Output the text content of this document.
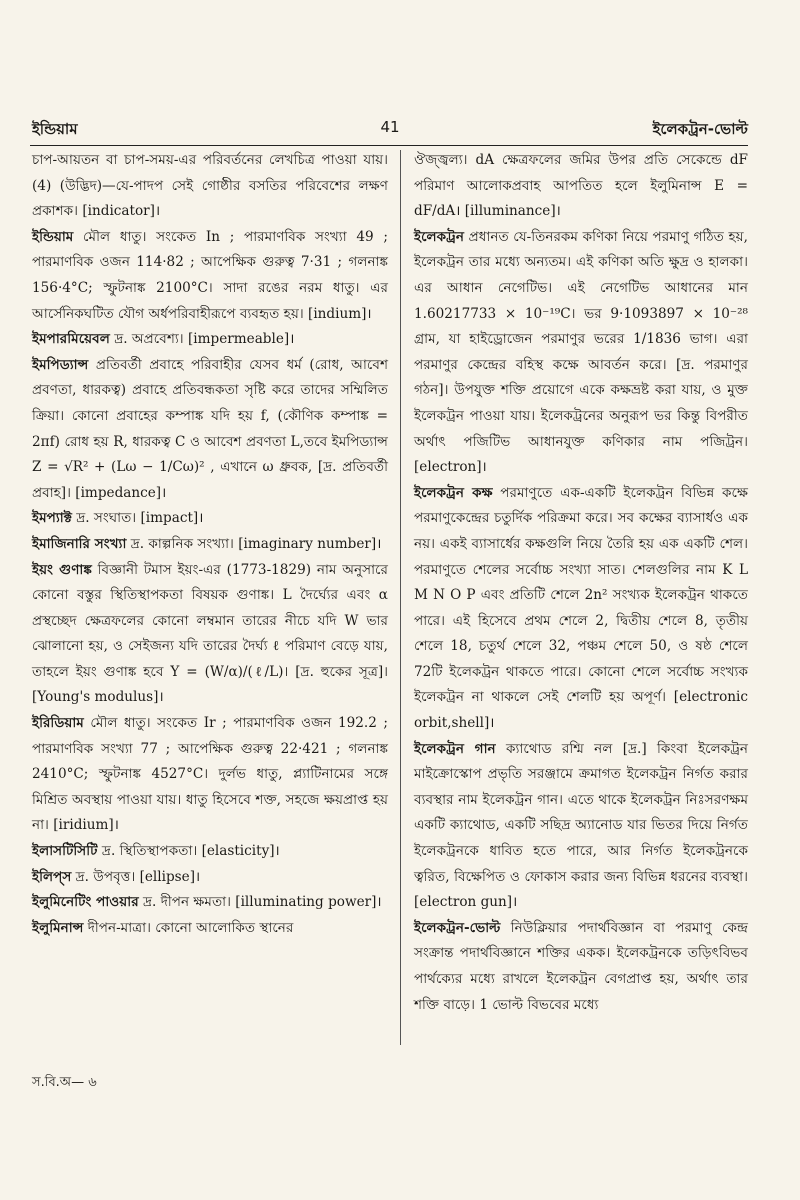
ইন্ডিয়াম	41	ইলেকট্রন-ভোল্ট

চাপ-আয়তন বা চাপ-সময়-এর পরিবর্তনের লেখচিত্র পাওয়া যায়। (4) (উদ্ভিদ)—যে-পাদপ সেই গোষ্ঠীর বসতির পরিবেশের লক্ষণ প্রকাশক। [indicator]।

ইন্ডিয়াম মৌল ধাতু। সংকেত In ; পারমাণবিক সংখ্যা 49 ; পারমাণবিক ওজন 114·82 ; আপেক্ষিক গুরুত্ব 7·31 ; গলনাঙ্ক 156·4°C; স্ফুটনাঙ্ক 2100°C। সাদা রঙের নরম ধাতু। এর আর্সেনিকঘটিত যৌগ অর্ধপরিবাহীরূপে ব্যবহৃত হয়। [indium]।

ইমপারমিয়েবল দ্র. অপ্রবেশ্য। [impermeable]।

ইমপিড্যান্স প্রতিবর্তী প্রবাহে পরিবাহীর যেসব ধর্ম (রোধ, আবেশ প্রবণতা, ধারকত্ব) প্রবাহে প্রতিবন্ধকতা সৃষ্টি করে তাদের সম্মিলিত ক্রিয়া। কোনো প্রবাহের কম্পাঙ্ক যদি হয় f, (কৌণিক কম্পাঙ্ক = 2πf) রোধ হয় R, ধারকত্ব C ও আবেশ প্রবণতা L,তবে ইমপিড্যান্স Z = √R² + (Lω − 1/Cω)² , এখানে ω ধ্রুবক, [দ্র. প্রতিবর্তী প্রবাহ]। [impedance]।

ইমপ্যাক্ট দ্র. সংঘাত। [impact]।

ইমাজিনারি সংখ্যা দ্র. কাল্পনিক সংখ্যা। [imaginary number]।

ইয়ং গুণাঙ্ক বিজ্ঞানী টমাস ইয়ং-এর (1773-1829) নাম অনুসারে কোনো বস্তুর স্থিতিস্থাপকতা বিষয়ক গুণাঙ্ক। L দৈর্ঘ্যের এবং α প্রস্থচ্ছেদ ক্ষেত্রফলের কোনো লম্বমান তারের নীচে যদি W ভার ঝোলানো হয়, ও সেইজন্য যদি তারের দৈর্ঘ্য ℓ পরিমাণ বেড়ে যায়, তাহলে ইয়ং গুণাঙ্ক হবে Y = (W/α)/(ℓ/L)। [দ্র. হুকের সূত্র]। [Young's modulus]।

ইরিডিয়াম মৌল ধাতু। সংকেত Ir ; পারমাণবিক ওজন 192.2 ; পারমাণবিক সংখ্যা 77 ; আপেক্ষিক গুরুত্ব 22·421 ; গলনাঙ্ক 2410°C; স্ফুটনাঙ্ক 4527°C। দুর্লভ ধাতু, প্ল্যাটিনামের সঙ্গে মিশ্রিত অবস্থায় পাওয়া যায়। ধাতু হিসেবে শক্ত, সহজে ক্ষয়প্রাপ্ত হয় না। [iridium]।

ইলাসটিসিটি দ্র. স্থিতিস্থাপকতা। [elasticity]।

ইলিপ্‌স দ্র. উপবৃত্ত। [ellipse]।

ইলুমিনেটিং পাওয়ার দ্র. দীপন ক্ষমতা। [illuminating power]।

ইলুমিনান্স দীপন-মাত্রা। কোনো আলোকিত স্থানের

ঔজ্জ্বল্য। dA ক্ষেত্রফলের জমির উপর প্রতি সেকেন্ডে dF পরিমাণ আলোকপ্রবাহ আপতিত হলে ইলুমিনান্স E = dF/dA। [illuminance]।

ইলেকট্রন প্রধানত যে-তিনরকম কণিকা নিয়ে পরমাণু গঠিত হয়, ইলেকট্রন তার মধ্যে অন্যতম। এই কণিকা অতি ক্ষুদ্র ও হালকা। এর আধান নেগেটিভ। এই নেগেটিভ আধানের মান 1.60217733 × 10⁻¹⁹C। ভর 9·1093897 × 10⁻²⁸ গ্রাম, যা হাইড্রোজেন পরমাণুর ভরের 1/1836 ভাগ। এরা পরমাণুর কেন্দ্রের বহিস্থ কক্ষে আবর্তন করে। [দ্র. পরমাণুর গঠন]। উপযুক্ত শক্তি প্রয়োগে একে কক্ষভ্রষ্ট করা যায়, ও মুক্ত ইলেকট্রন পাওয়া যায়। ইলেকট্রনের অনুরূপ ভর কিন্তু বিপরীত অর্থাৎ পজিটিভ আধানযুক্ত কণিকার নাম পজিট্রন। [electron]।

ইলেকট্রন কক্ষ পরমাণুতে এক-একটি ইলেকট্রন বিভিন্ন কক্ষে পরমাণুকেন্দ্রের চতুর্দিক পরিক্রমা করে। সব কক্ষের ব্যাসার্ধও এক নয়। একই ব্যাসার্ধের কক্ষগুলি নিয়ে তৈরি হয় এক একটি শেল। পরমাণুতে শেলের সর্বোচ্চ সংখ্যা সাত। শেলগুলির নাম K L M N O P এবং প্রতিটি শেলে 2n² সংখ্যক ইলেকট্রন থাকতে পারে। এই হিসেবে প্রথম শেলে 2, দ্বিতীয় শেলে 8, তৃতীয় শেলে 18, চতুর্থ শেলে 32, পঞ্চম শেলে 50, ও ষষ্ঠ শেলে 72টি ইলেকট্রন থাকতে পারে। কোনো শেলে সর্বোচ্চ সংখ্যক ইলেকট্রন না থাকলে সেই শেলটি হয় অপূর্ণ। [electronic orbit,shell]।

ইলেকট্রন গান ক্যাথোড রশ্মি নল [দ্র.] কিংবা ইলেকট্রন মাইক্রোস্কোপ প্রভৃতি সরঞ্জামে ক্রমাগত ইলেকট্রন নির্গত করার ব্যবস্থার নাম ইলেকট্রন গান। এতে থাকে ইলেকট্রন নিঃসরণক্ষম একটি ক্যাথোড, একটি সছিদ্র অ্যানোড যার ভিতর দিয়ে নির্গত ইলেকট্রনকে ধাবিত হতে পারে, আর নির্গত ইলেকট্রনকে ত্বরিত, বিক্ষেপিত ও ফোকাস করার জন্য বিভিন্ন ধরনের ব্যবস্থা। [electron gun]।

ইলেকট্রন-ভোল্ট নিউক্লিয়ার পদার্থবিজ্ঞান বা পরমাণু কেন্দ্র সংক্রান্ত পদার্থবিজ্ঞানে শক্তির একক। ইলেকট্রনকে তড়িৎবিভব পার্থক্যের মধ্যে রাখলে ইলেকট্রন বেগপ্রাপ্ত হয়, অর্থাৎ তার শক্তি বাড়ে। 1 ভোল্ট বিভবের মধ্যে

স.বি.অ— ৬
